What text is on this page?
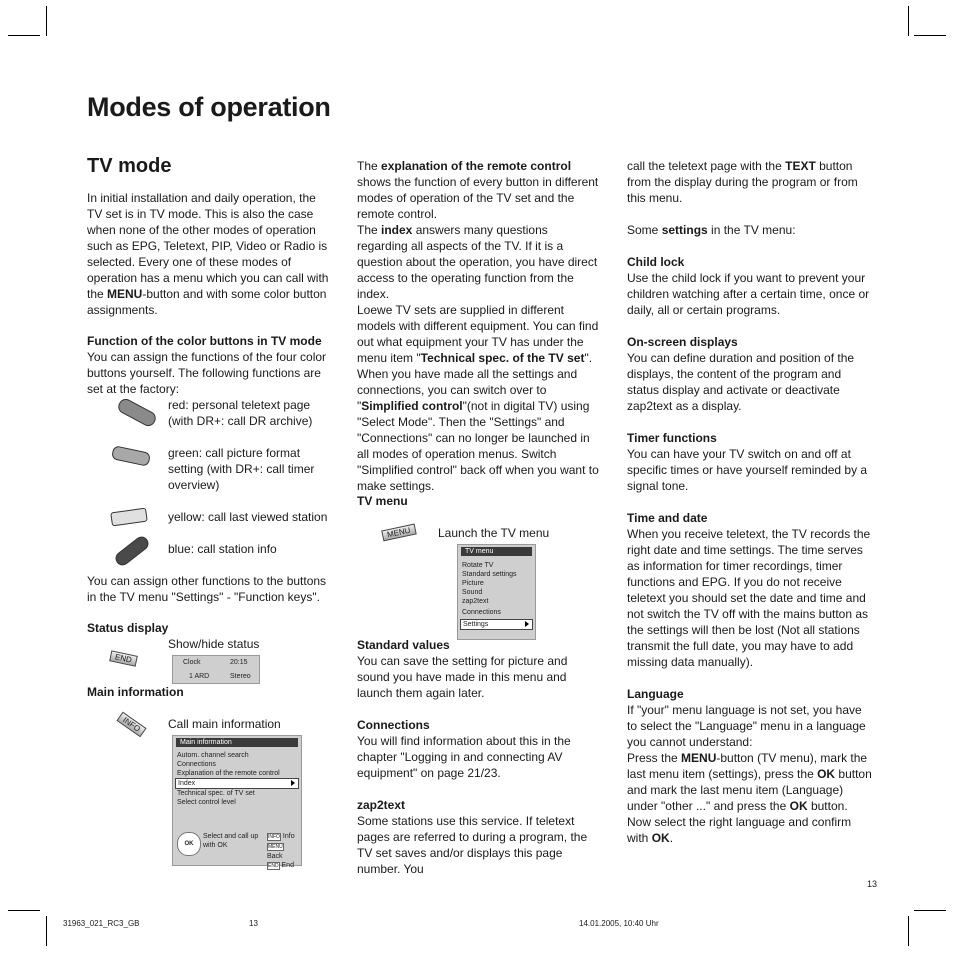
Modes of operation
TV mode

In initial installation and daily operation, the TV set is in TV mode. This is also the case when none of the other modes of operation such as EPG, Teletext, PIP, Video or Radio is selected. Every one of these modes of operation has a menu which you can call with the MENU-button and with some color button assignments.

Function of the color buttons in TV mode

You can assign the functions of the four color buttons yourself. The following functions are set at the factory:

red: personal teletext page (with DR+: call DR archive)
green: call picture format setting (with DR+: call timer overview)
yellow: call last viewed station
blue: call station info
You can assign other functions to the buttons in the TV menu "Settings" - "Function keys".
Status display
Show/hide status
END	Clock	20:15
1 ARD	Stereo
Main information
Call main information
INFO
Main information
Autom. channel search
Connections
Explanation of the remote control
Index
Technical spec. of TV set
Select control level
OK
Select and call up with OK
INFO Info
MENU Back
END End

The explanation of the remote control shows the function of every button in different modes of operation of the TV set and the remote control.

The index answers many questions regarding all aspects of the TV. If it is a question about the operation, you have direct access to the operating function from the index.

Loewe TV sets are supplied in different models with different equipment. You can find out what equipment your TV has under the menu item "Technical spec. of the TV set".

When you have made all the settings and connections, you can switch over to "Simplified control"(not in digital TV) using "Select Mode". Then the "Settings" and "Connections" can no longer be launched in all modes of operation menus. Switch "Simplified control" back off when you want to make settings.

TV menu
MENU	Launch the TV menu
TV menu
Rotate TV
Standard settings
Picture
Sound
zap2text
Connections
Settings

Standard values

You can save the setting for picture and sound you have made in this menu and launch them again later.

Connections

You will find information about this in the chapter "Logging in and connecting AV equipment" on page 21/23.

zap2text

Some stations use this service. If teletext pages are referred to during a program, the TV set saves and/or displays this page number. You

call the teletext page with the TEXT button from the display during the program or from this menu.

Some settings in the TV menu:

Child lock

Use the child lock if you want to prevent your children watching after a certain time, once or daily, all or certain programs.

On-screen displays

You can define duration and position of the displays, the content of the program and status display and activate or deactivate zap2text as a display.

Timer functions

You can have your TV switch on and off at specific times or have yourself reminded by a signal tone.

Time and date

When you receive teletext, the TV records the right date and time settings. The time serves as information for timer recordings, timer functions and EPG. If you do not receive teletext you should set the date and time and not switch the TV off with the mains button as the settings will then be lost (Not all stations transmit the full date, you may have to add missing data manually).

Language

If "your" menu language is not set, you have to select the "Language" menu in a language you cannot understand:

Press the MENU-button (TV menu), mark the last menu item (settings), press the OK button and mark the last menu item (Language) under "other ..." and press the OK button.

Now select the right language and confirm with OK.

13
31963_021_RC3_GB	13	14.01.2005, 10:40 Uhr
